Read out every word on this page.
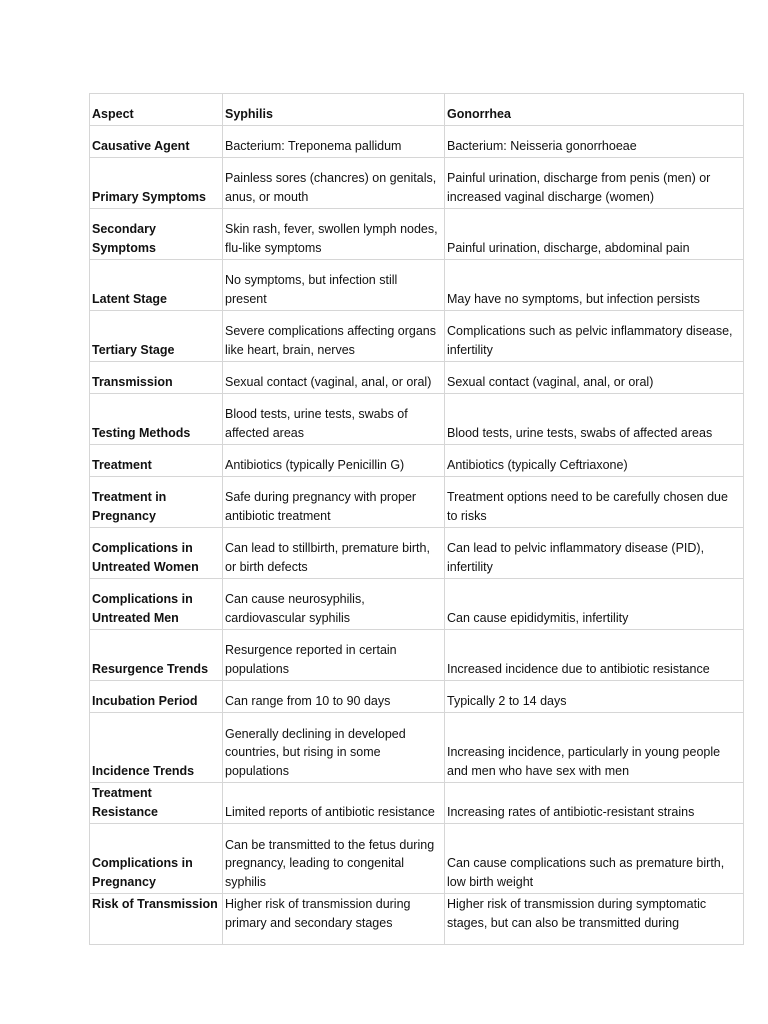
Aspect	Syphilis	Gonorrhea
Causative Agent	Bacterium: Treponema pallidum	Bacterium: Neisseria gonorrhoeae
Primary Symptoms	Painless sores (chancres) on genitals, anus, or mouth	Painful urination, discharge from penis (men) or increased vaginal discharge (women)
Secondary Symptoms	Skin rash, fever, swollen lymph nodes, flu-like symptoms	Painful urination, discharge, abdominal pain
Latent Stage	No symptoms, but infection still present	May have no symptoms, but infection persists
Tertiary Stage	Severe complications affecting organs like heart, brain, nerves	Complications such as pelvic inflammatory disease, infertility
Transmission	Sexual contact (vaginal, anal, or oral)	Sexual contact (vaginal, anal, or oral)
Testing Methods	Blood tests, urine tests, swabs of affected areas	Blood tests, urine tests, swabs of affected areas
Treatment	Antibiotics (typically Penicillin G)	Antibiotics (typically Ceftriaxone)
Treatment in Pregnancy	Safe during pregnancy with proper antibiotic treatment	Treatment options need to be carefully chosen due to risks
Complications in Untreated Women	Can lead to stillbirth, premature birth, or birth defects	Can lead to pelvic inflammatory disease (PID), infertility
Complications in Untreated Men	Can cause neurosyphilis, cardiovascular syphilis	Can cause epididymitis, infertility
Resurgence Trends	Resurgence reported in certain populations	Increased incidence due to antibiotic resistance
Incubation Period	Can range from 10 to 90 days	Typically 2 to 14 days
Incidence Trends	Generally declining in developed countries, but rising in some populations	Increasing incidence, particularly in young people and men who have sex with men
Treatment Resistance	Limited reports of antibiotic resistance	Increasing rates of antibiotic-resistant strains
Complications in Pregnancy	Can be transmitted to the fetus during pregnancy, leading to congenital syphilis	Can cause complications such as premature birth, low birth weight
Risk of Transmission	Higher risk of transmission during primary and secondary stages	Higher risk of transmission during symptomatic stages, but can also be transmitted during
